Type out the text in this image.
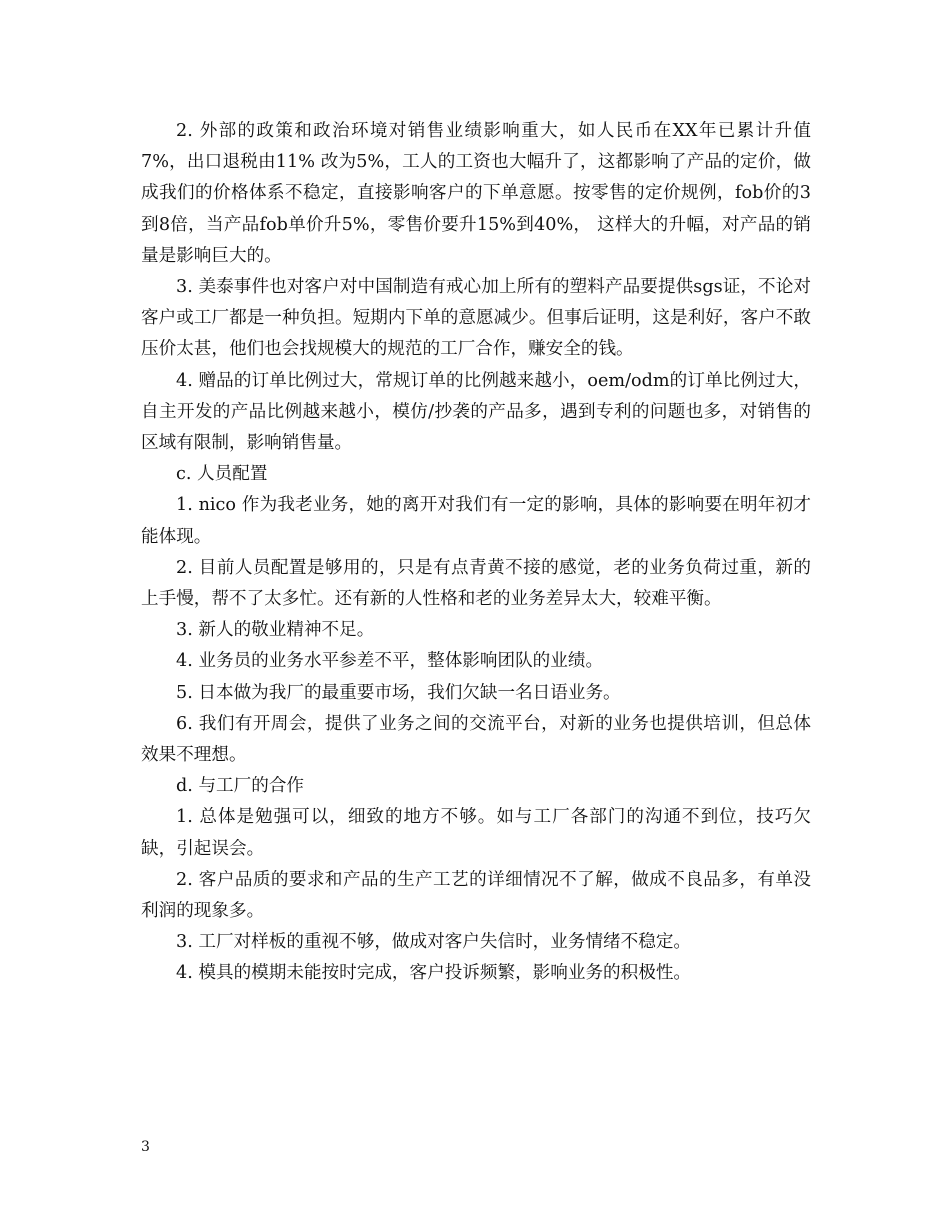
2. 外部的政策和政治环境对销售业绩影响重大，如人民币在XX年已累计升值7%，出口退税由11% 改为5%，工人的工资也大幅升了，这都影响了产品的定价，做成我们的价格体系不稳定，直接影响客户的下单意愿。按零售的定价规例，fob价的3到8倍，当产品fob单价升5%，零售价要升15%到40%， 这样大的升幅，对产品的销量是影响巨大的。

3. 美泰事件也对客户对中国制造有戒心加上所有的塑料产品要提供sgs证，不论对客户或工厂都是一种负担。短期内下单的意愿减少。但事后证明，这是利好，客户不敢压价太甚，他们也会找规模大的规范的工厂合作，赚安全的钱。

4. 赠品的订单比例过大，常规订单的比例越来越小，oem/odm的订单比例过大，自主开发的产品比例越来越小，模仿/抄袭的产品多，遇到专利的问题也多，对销售的区域有限制，影响销售量。

c. 人员配置

1. nico 作为我老业务，她的离开对我们有一定的影响，具体的影响要在明年初才能体现。

2. 目前人员配置是够用的，只是有点青黄不接的感觉，老的业务负荷过重，新的上手慢，帮不了太多忙。还有新的人性格和老的业务差异太大，较难平衡。

3. 新人的敬业精神不足。

4. 业务员的业务水平参差不平，整体影响团队的业绩。

5. 日本做为我厂的最重要市场，我们欠缺一名日语业务。

6. 我们有开周会，提供了业务之间的交流平台，对新的业务也提供培训，但总体效果不理想。

d. 与工厂的合作

1. 总体是勉强可以，细致的地方不够。如与工厂各部门的沟通不到位，技巧欠缺，引起误会。

2. 客户品质的要求和产品的生产工艺的详细情况不了解，做成不良品多，有单没利润的现象多。

3. 工厂对样板的重视不够，做成对客户失信时，业务情绪不稳定。

4. 模具的模期未能按时完成，客户投诉频繁，影响业务的积极性。

3
